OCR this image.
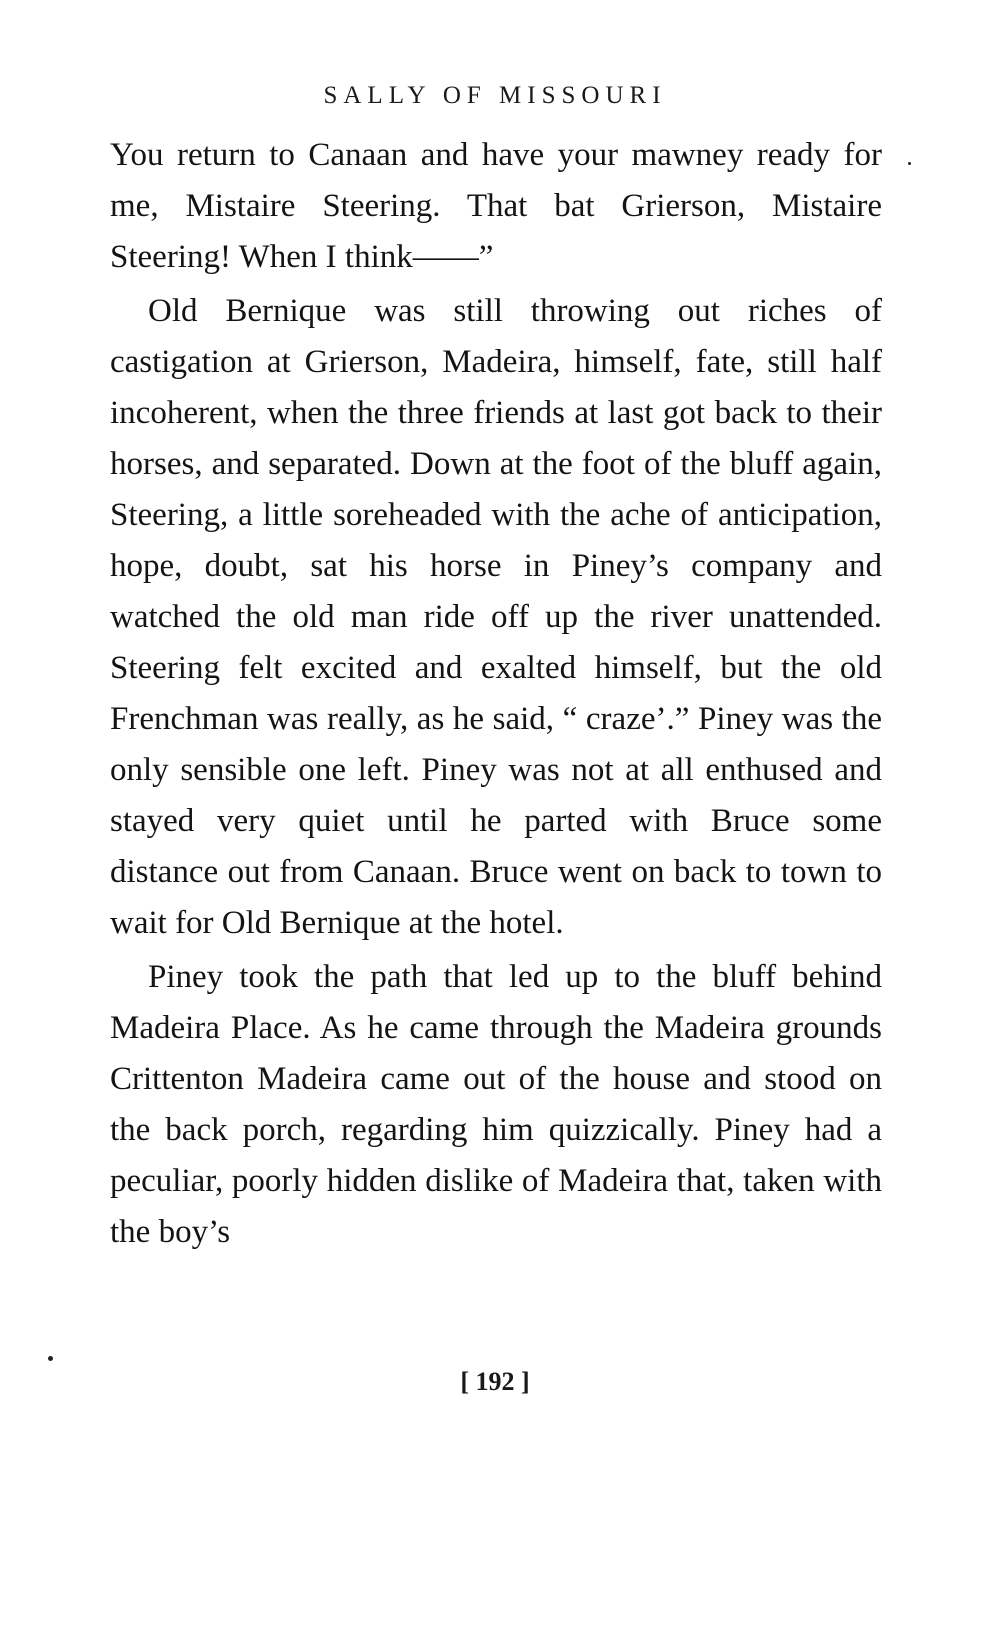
SALLY OF MISSOURI

You return to Canaan and have your mawney ready for me, Mistaire Steering. That bat Grierson, Mistaire Steering! When I think——”

Old Bernique was still throwing out riches of castigation at Grierson, Madeira, himself, fate, still half incoherent, when the three friends at last got back to their horses, and separated. Down at the foot of the bluff again, Steering, a little soreheaded with the ache of anticipation, hope, doubt, sat his horse in Piney’s company and watched the old man ride off up the river unattended. Steering felt excited and exalted himself, but the old Frenchman was really, as he said, “ craze’.” Piney was the only sensible one left. Piney was not at all enthused and stayed very quiet until he parted with Bruce some distance out from Canaan. Bruce went on back to town to wait for Old Bernique at the hotel.

Piney took the path that led up to the bluff behind Madeira Place. As he came through the Madeira grounds Crittenton Madeira came out of the house and stood on the back porch, regarding him quizzically. Piney had a peculiar, poorly hidden dislike of Madeira that, taken with the boy’s

[ 192 ]
